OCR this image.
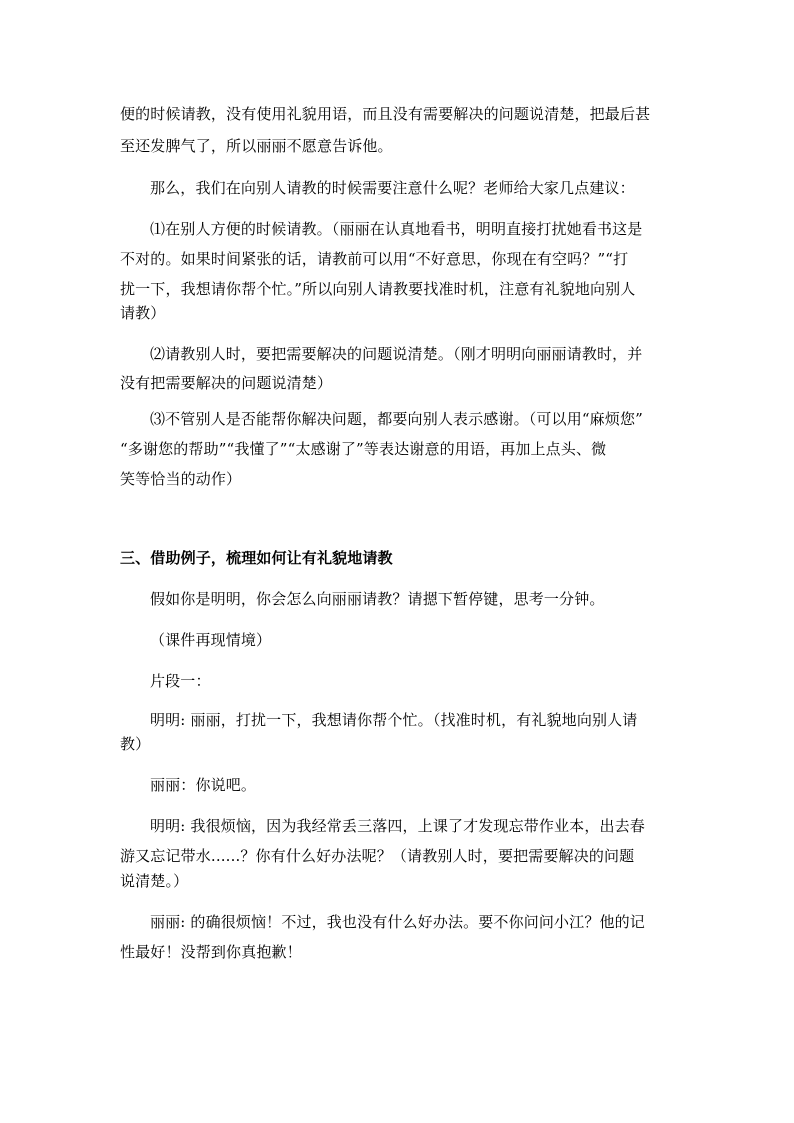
便的时候请教，没有使用礼貌用语，而且没有需要解决的问题说清楚，把最后甚
至还发脾气了，所以丽丽不愿意告诉他。
那么，我们在向别人请教的时候需要注意什么呢？老师给大家几点建议：
⑴在别人方便的时候请教。（丽丽在认真地看书，明明直接打扰她看书这是
不对的。如果时间紧张的话，请教前可以用“不好意思，你现在有空吗？”“打
扰一下，我想请你帮个忙。”所以向别人请教要找准时机，注意有礼貌地向别人
请教）
⑵请教别人时，要把需要解决的问题说清楚。（刚才明明向丽丽请教时，并
没有把需要解决的问题说清楚）
⑶不管别人是否能帮你解决问题，都要向别人表示感谢。（可以用“麻烦您”
“多谢您的帮助”“我懂了”“太感谢了”等表达谢意的用语，再加上点头、微
笑等恰当的动作）
三、借助例子，梳理如何让有礼貌地请教
假如你是明明，你会怎么向丽丽请教？请摁下暂停键，思考一分钟。
（课件再现情境）
片段一：
明明: 丽丽，打扰一下，我想请你帮个忙。（找准时机，有礼貌地向别人请
教）
丽丽：你说吧。
明明: 我很烦恼，因为我经常丢三落四，上课了才发现忘带作业本，出去春
游又忘记带水......？你有什么好办法呢？（请教别人时，要把需要解决的问题
说清楚。）
丽丽: 的确很烦恼！不过，我也没有什么好办法。要不你问问小江？他的记
性最好！没帮到你真抱歉！
